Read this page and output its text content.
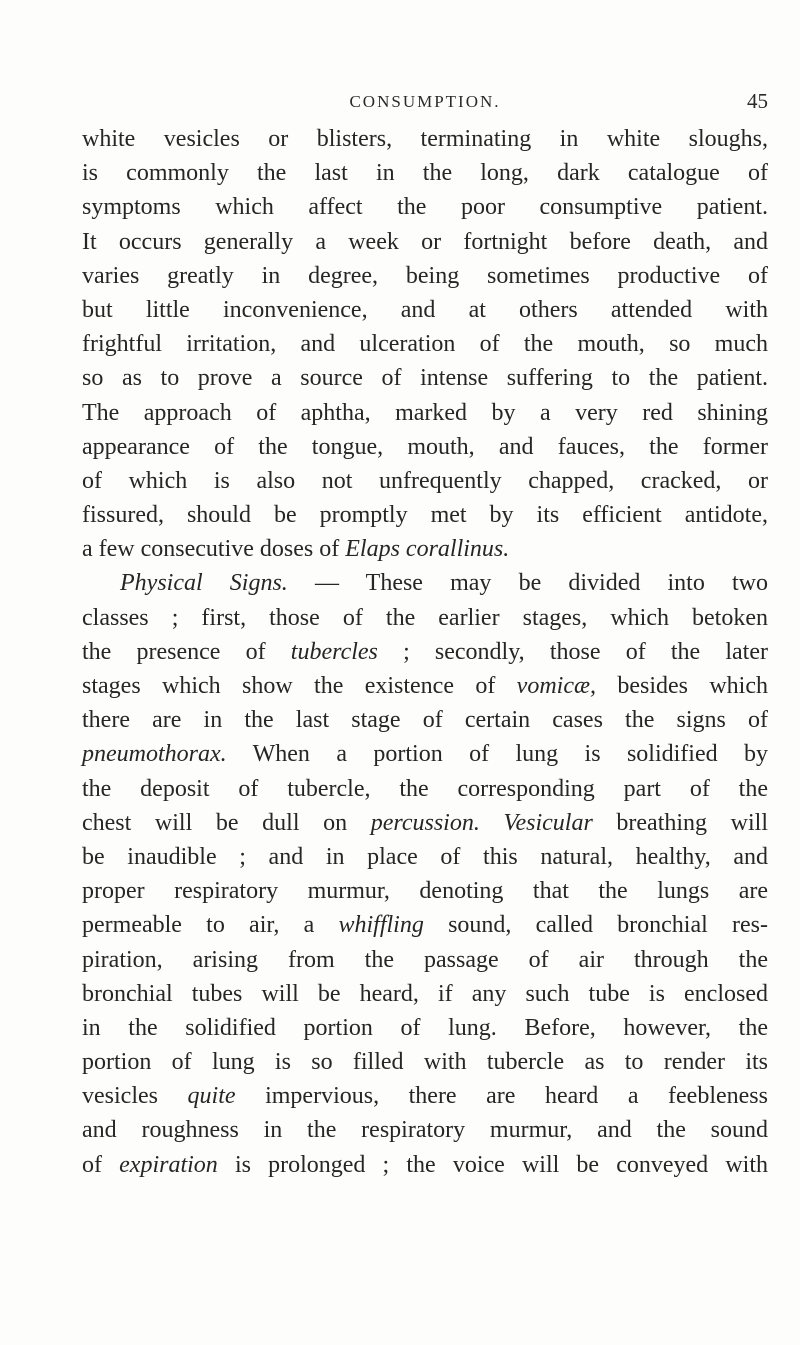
CONSUMPTION.	45
white vesicles or blisters, terminating in white sloughs,
is commonly the last in the long, dark catalogue of
symptoms which affect the poor consumptive patient.
It occurs generally a week or fortnight before death, and
varies greatly in degree, being sometimes productive of
but little inconvenience, and at others attended with
frightful irritation, and ulceration of the mouth, so much
so as to prove a source of intense suffering to the patient.
The approach of aphtha, marked by a very red shining
appearance of the tongue, mouth, and fauces, the former
of which is also not unfrequently chapped, cracked, or
fissured, should be promptly met by its efficient antidote,
a few consecutive doses of Elaps corallinus.
Physical Signs. — These may be divided into two
classes ; first, those of the earlier stages, which betoken
the presence of tubercles ; secondly, those of the later
stages which show the existence of vomicæ, besides which
there are in the last stage of certain cases the signs of
pneumothorax. When a portion of lung is solidified by
the deposit of tubercle, the corresponding part of the
chest will be dull on percussion. Vesicular breathing will
be inaudible ; and in place of this natural, healthy, and
proper respiratory murmur, denoting that the lungs are
permeable to air, a whiffling sound, called bronchial res-
piration, arising from the passage of air through the
bronchial tubes will be heard, if any such tube is enclosed
in the solidified portion of lung. Before, however, the
portion of lung is so filled with tubercle as to render its
vesicles quite impervious, there are heard a feebleness
and roughness in the respiratory murmur, and the sound
of expiration is prolonged ; the voice will be conveyed with
